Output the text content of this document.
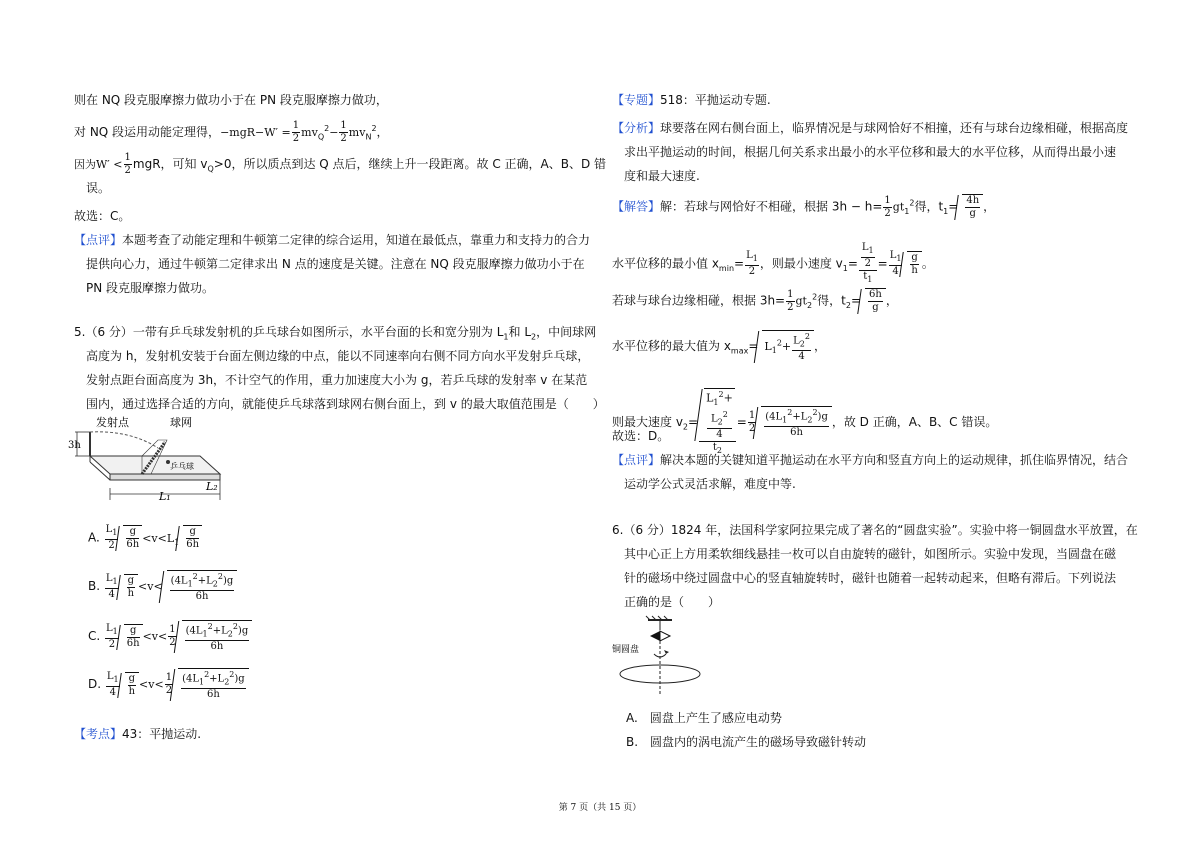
则在 NQ 段克服摩擦力做功小于在 PN 段克服摩擦力做功，
对 NQ 段运用动能定理得，$-mgR-W' = \frac{1}{2} mv_Q^2- \frac{1}{2} mv_N^2$，
因为$W' < \frac{1}{2}$ mgR，可知 $v_Q>0$，所以质点到达 Q 点后，继续上升一段距离。故 C 正确，A、B、D 错
误。
故选：C。
【点评】本题考查了动能定理和牛顿第二定律的综合运用，知道在最低点，靠重力和支持力的合力
提供向心力，通过牛顿第二定律求出 N 点的速度是关键。注意在 NQ 段克服摩擦力做功小于在
PN 段克服摩擦力做功。
5.（6 分）一带有乒乓球发射机的乒乓球台如图所示，水平台面的长和宽分别为 $L_1$和 $L_2$，中间球网
高度为 h，发射机安装于台面左侧边缘的中点，能以不同速率向右侧不同方向水平发射乒乓球，
发射点距台面高度为 3h，不计空气的作用，重力加速度大小为 g，若乒乓球的发射率 v 在某范
围内，通过选择合适的方向，就能使乒乓球落到球网右侧台面上，到 v 的最大取值范围是（　　）
发射点	球网
3h
乒乓球
L₁
L₂
A. $\frac{L_1}{2} \frac{g}{6h} <v<L_1 \frac{g}{6h}$
B. $\frac{L_1}{4} \frac{g}{h} <v< \frac{(4L_1^2+L_2^2)g}{6h}$
C. $\frac{L_1}{2} \frac{g}{6h} <v< \frac{1}{2} \frac{(4L_1^2+L_2^2)g}{6h}$
D. $\frac{L_1}{4} \frac{g}{h} <v< \frac{1}{2} \frac{(4L_1^2+L_2^2)g}{6h}$
【考点】43：平抛运动.
【专题】518：平抛运动专题.
【分析】球要落在网右侧台面上，临界情况是与球网恰好不相撞，还有与球台边缘相碰，根据高度
求出平抛运动的时间，根据几何关系求出最小的水平位移和最大的水平位移，从而得出最小速
度和最大速度.
【解答】解：若球与网恰好不相碰，根据 $3h - h= \frac{1}{2} gt_1^2$得，$t_1= \frac{4h}{g}$ ，
水平位移的最小值 $x_{min}= \frac{L_1}{2}$ ，则最小速度 $v_1= L_1$
2
$t_1 = \frac{L_1}{4} \frac{g}{h}$ 。
若球与球台边缘相碰，根据 $3h= \frac{1}{2} gt_2^2$得，$t_2= \frac{6h}{g}$ ，
水平位移的最大值为 $x_{max}= L_1^2+ \frac{L_2^2}{4}$ ，
则最大速度 $v_2= L_1^2+$
$L_2^2$
4
$t_2 = \frac{1}{2} \frac{(4L_1^2+L_2^2)g}{6h}$ ，故 D 正确，A、B、C 错误。
故选：D。
【点评】解决本题的关键知道平抛运动在水平方向和竖直方向上的运动规律，抓住临界情况，结合
运动学公式灵活求解，难度中等.
6.（6 分）1824 年，法国科学家阿拉果完成了著名的“圆盘实验”。实验中将一铜圆盘水平放置，在
其中心正上方用柔软细线悬挂一枚可以自由旋转的磁针，如图所示。实验中发现，当圆盘在磁
针的磁场中绕过圆盘中心的竖直轴旋转时，磁针也随着一起转动起来，但略有滞后。下列说法
正确的是（　　）
铜圆盘
A.　圆盘上产生了感应电动势
B.　圆盘内的涡电流产生的磁场导致磁针转动
第 7 页（共 15 页）
